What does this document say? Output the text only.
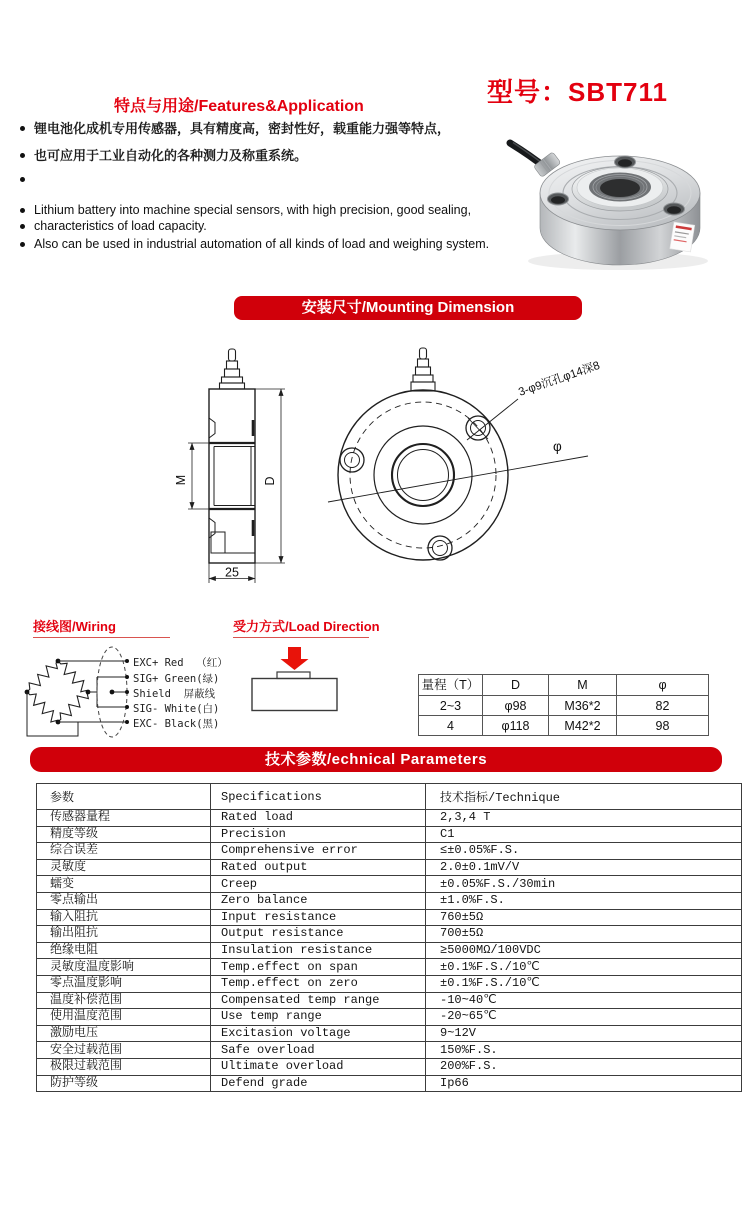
特点与用途/Features&Application	型号：SBT711
锂电池化成机专用传感器，具有精度高，密封性好，载重能力强等特点，
也可应用于工业自动化的各种测力及称重系统。
Lithium battery into machine special sensors, with high precision, good sealing,
characteristics of load capacity.
Also can be used in industrial automation of all kinds of load and weighing system.
安装尺寸/Mounting Dimension
M	D
25
3-φ9沉孔φ14深8
φ
接线图/Wiring
EXC+ Red  （红）
SIG+ Green(绿)
Shield  屏蔽线
SIG- White(白)
EXC- Black(黑)
受力方式/Load Direction
量程（T）	D	M	φ
2~3	φ98	M36*2	82
4	φ118	M42*2	98
技术参数/echnical Parameters
参数	Specifications	技术指标/Technique
传感器量程	Rated load	2,3,4 T
精度等级	Precision	C1
综合误差	Comprehensive error	≤±0.05%F.S.
灵敏度	Rated output	2.0±0.1mV/V
蠕变	Creep	±0.05%F.S./30min
零点输出	Zero balance	±1.0%F.S.
输入阻抗	Input resistance	760±5Ω
输出阻抗	Output resistance	700±5Ω
绝缘电阻	Insulation resistance	≥5000MΩ/100VDC
灵敏度温度影响	Temp.effect on span	±0.1%F.S./10℃
零点温度影响	Temp.effect on zero	±0.1%F.S./10℃
温度补偿范围	Compensated temp range	-10~40℃
使用温度范围	Use temp range	-20~65℃
激励电压	Excitasion voltage	9~12V
安全过载范围	Safe overload	150%F.S.
极限过载范围	Ultimate overload	200%F.S.
防护等级	Defend grade	Ip66
